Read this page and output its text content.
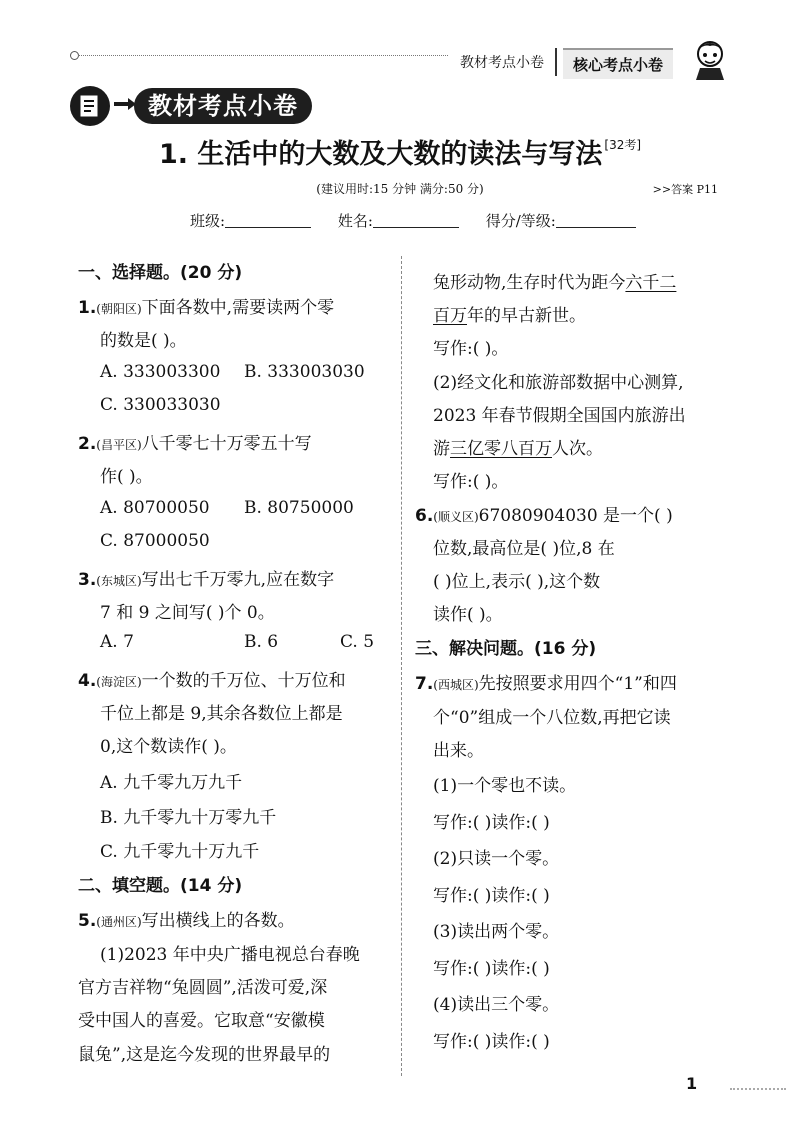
教材考点小卷	核心考点小卷
教材考点小卷
1. 生活中的大数及大数的读法与写法 [32考]
(建议用时:15 分钟 满分:50 分)	>>答案 P11
班级:	姓名:	得分/等级:
一、选择题。(20 分)
1.(朝阳区)下面各数中,需要读两个零
的数是( )。
A. 333003300 B. 333003030
C. 330033030
2.(昌平区)八千零七十万零五十写
作( )。
A. 80700050 B. 80750000
C. 87000050
3.(东城区)写出七千万零九,应在数字
7 和 9 之间写( )个 0。
A. 7	B. 6	C. 5
4.(海淀区)一个数的千万位、十万位和
千位上都是 9,其余各数位上都是
0,这个数读作( )。
A. 九千零九万九千
B. 九千零九十万零九千
C. 九千零九十万九千
二、填空题。(14 分)
5.(通州区)写出横线上的各数。
(1)2023 年中央广播电视总台春晚
官方吉祥物“兔圆圆”,活泼可爱,深
受中国人的喜爱。它取意“安徽模
鼠兔”,这是迄今发现的世界最早的
兔形动物,生存时代为距今六千二
百万年的早古新世。
写作:( )。
(2)经文化和旅游部数据中心测算,
2023 年春节假期全国国内旅游出
游三亿零八百万人次。
写作:( )。
6.(顺义区)67080904030 是一个( )
位数,最高位是( )位,8 在
( )位上,表示( ),这个数
读作( )。
三、解决问题。(16 分)
7.(西城区)先按照要求用四个“1”和四
个“0”组成一个八位数,再把它读
出来。
(1)一个零也不读。
写作:( )读作:( )
(2)只读一个零。
写作:( )读作:( )
(3)读出两个零。
写作:( )读作:( )
(4)读出三个零。
写作:( )读作:( )
1
